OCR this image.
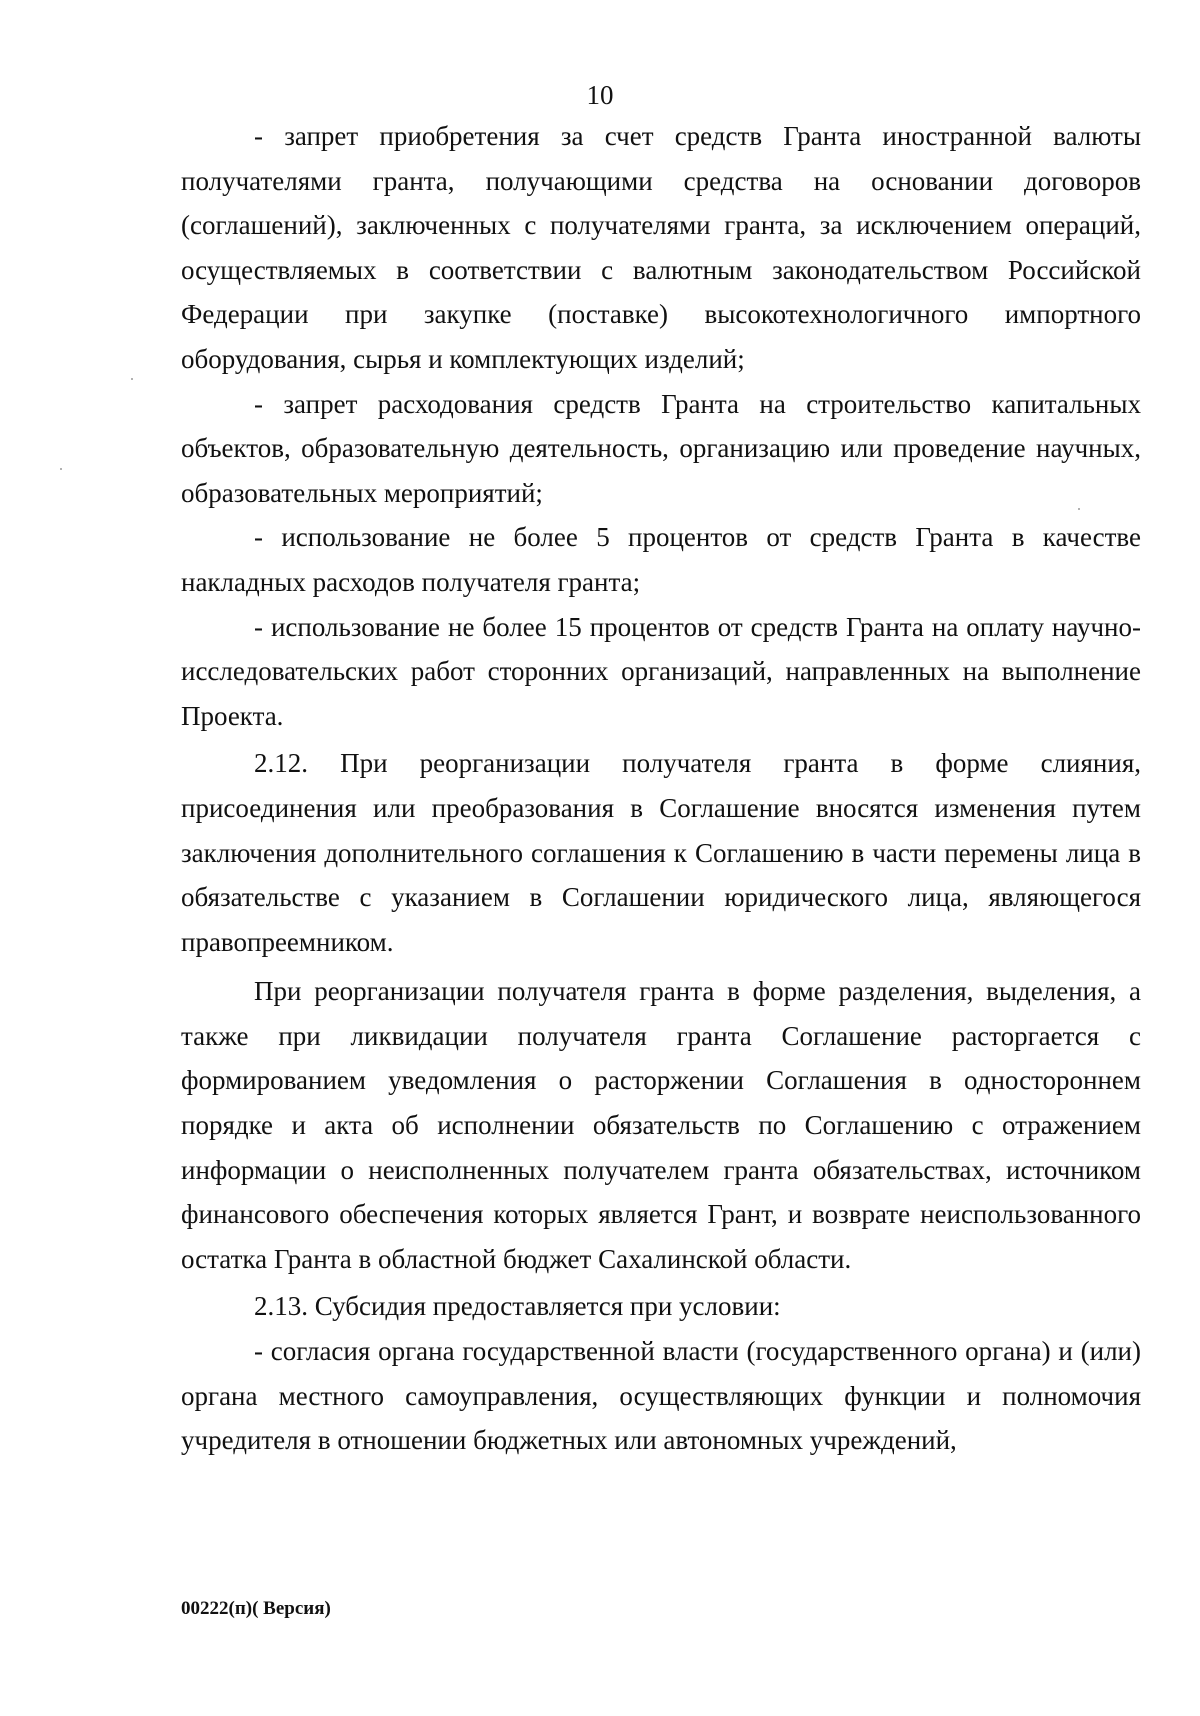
10

- запрет приобретения за счет средств Гранта иностранной валюты получателями гранта, получающими средства на основании договоров (соглашений), заключенных с получателями гранта, за исключением операций, осуществляемых в соответствии с валютным законодательством Российской Федерации при закупке (поставке) высокотехнологичного импортного оборудования, сырья и комплектующих изделий;

- запрет расходования средств Гранта на строительство капитальных объектов, образовательную деятельность, организацию или проведение научных, образовательных мероприятий;

- использование не более 5 процентов от средств Гранта в качестве накладных расходов получателя гранта;

- использование не более 15 процентов от средств Гранта на оплату научно-исследовательских работ сторонних организаций, направленных на выполнение Проекта.

2.12. При реорганизации получателя гранта в форме слияния, присоединения или преобразования в Соглашение вносятся изменения путем заключения дополнительного соглашения к Соглашению в части перемены лица в обязательстве с указанием в Соглашении юридического лица, являющегося правопреемником.

При реорганизации получателя гранта в форме разделения, выделения, а также при ликвидации получателя гранта Соглашение расторгается с формированием уведомления о расторжении Соглашения в одностороннем порядке и акта об исполнении обязательств по Соглашению с отражением информации о неисполненных получателем гранта обязательствах, источником финансового обеспечения которых является Грант, и возврате неиспользованного остатка Гранта в областной бюджет Сахалинской области.

2.13. Субсидия предоставляется при условии:

- согласия органа государственной власти (государственного органа) и (или) органа местного самоуправления, осуществляющих функции и полномочия учредителя в отношении бюджетных или автономных учреждений,

00222(п)( Версия)
